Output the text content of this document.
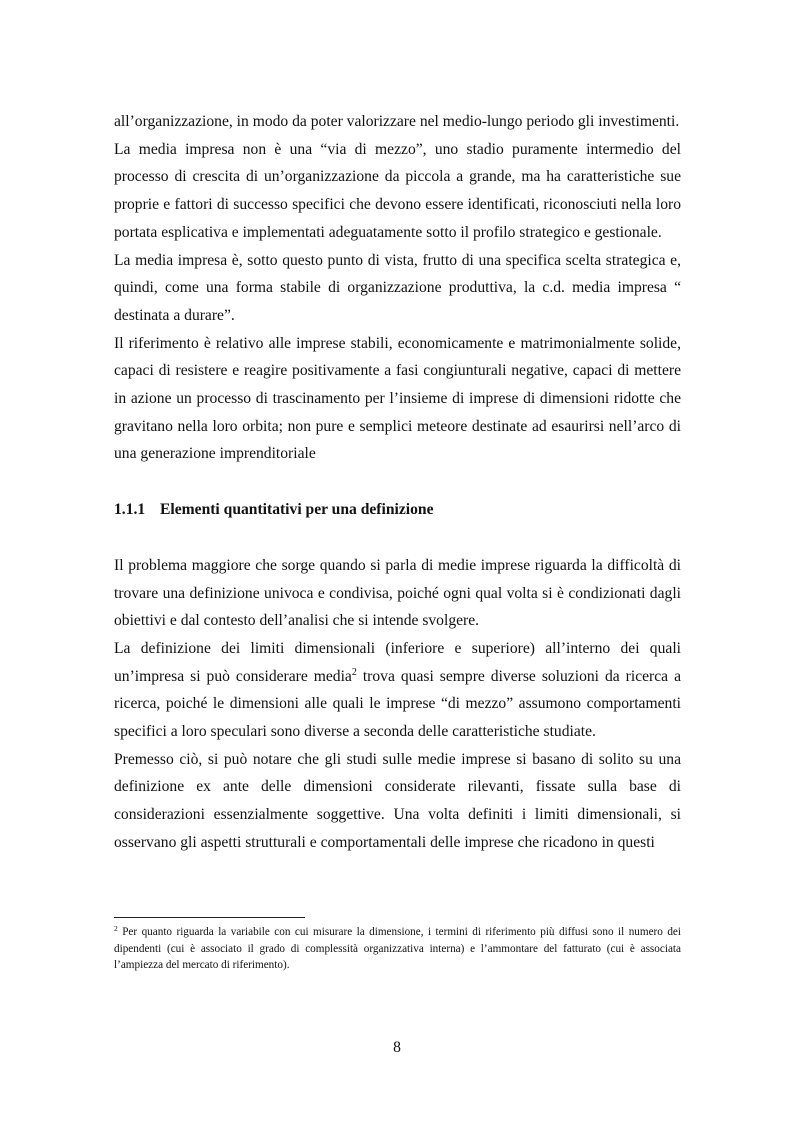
all’organizzazione, in modo da poter valorizzare nel medio-lungo periodo gli investimenti.

La media impresa non è una “via di mezzo”, uno stadio puramente intermedio del processo di crescita di un’organizzazione da piccola a grande, ma ha caratteristiche sue proprie e fattori di successo specifici che devono essere identificati, riconosciuti nella loro portata esplicativa e implementati adeguatamente sotto il profilo strategico e gestionale.

La media impresa è, sotto questo punto di vista, frutto di una specifica scelta strategica e, quindi, come una forma stabile di organizzazione produttiva, la c.d. media impresa “ destinata a durare”.

Il riferimento è relativo alle imprese stabili, economicamente e matrimonialmente solide, capaci di resistere e reagire positivamente a fasi congiunturali negative, capaci di mettere in azione un processo di trascinamento per l’insieme di imprese di dimensioni ridotte che gravitano nella loro orbita; non pure e semplici meteore destinate ad esaurirsi nell’arco di una generazione imprenditoriale

1.1.1 Elementi quantitativi per una definizione

Il problema maggiore che sorge quando si parla di medie imprese riguarda la difficoltà di trovare una definizione univoca e condivisa, poiché ogni qual volta si è condizionati dagli obiettivi e dal contesto dell’analisi che si intende svolgere.

La definizione dei limiti dimensionali (inferiore e superiore) all’interno dei quali un’impresa si può considerare media$^2$ trova quasi sempre diverse soluzioni da ricerca a ricerca, poiché le dimensioni alle quali le imprese “di mezzo” assumono comportamenti specifici a loro speculari sono diverse a seconda delle caratteristiche studiate.

Premesso ciò, si può notare che gli studi sulle medie imprese si basano di solito su una definizione ex ante delle dimensioni considerate rilevanti, fissate sulla base di considerazioni essenzialmente soggettive. Una volta definiti i limiti dimensionali, si osservano gli aspetti strutturali e comportamentali delle imprese che ricadono in questi

$^2$ Per quanto riguarda la variabile con cui misurare la dimensione, i termini di riferimento più diffusi sono il numero dei dipendenti (cui è associato il grado di complessità organizzativa interna) e l’ammontare del fatturato (cui è associata l’ampiezza del mercato di riferimento).

8
